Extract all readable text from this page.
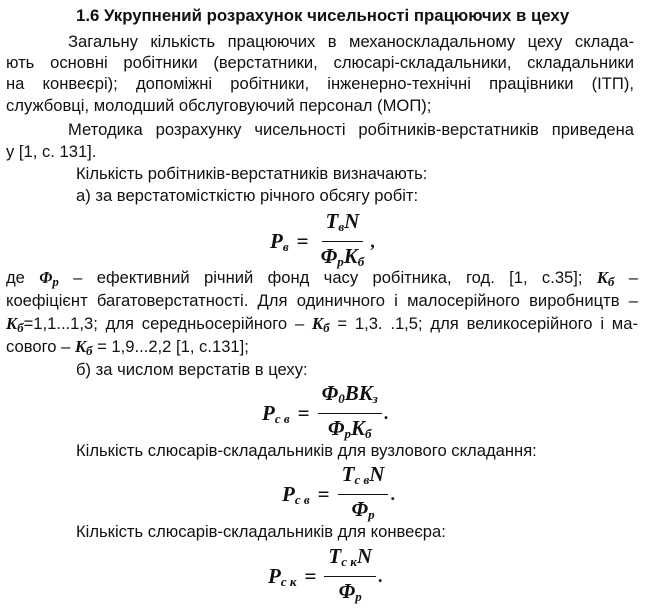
1.6 Укрупнений розрахунок чисельності працюючих в цеху
Загальну кількість працюючих в механоскладальному цеху склада-
ють основні робітники (верстатники, слюсарі-складальники, складальники
на конвеєрі); допоміжні робітники, інженерно-технічні працівники (ІТП),
службовці, молодший обслуговуючий персонал (МОП);
Методика розрахунку чисельності робітників-верстатників приведена
у [1, с. 131].
Кількість робітників-верстатників визначають:
а) за верстатомісткістю річного обсягу робіт:
$P_в = \frac{T_вN}{\Phi_pK_б}$ ,
де $\Phi_р$ – ефективний річний фонд часу робітника, год. [1, с.35]; $K_б$ –
коефіцієнт багатоверстатності. Для одиничного і малосерійного виробництв –
$K_б=1,1...1,3$; для середньосерійного – $K_б = 1,3$. .1,5; для великосерійного і ма-
сового – $K_б = 1,9...2,2$ [1, с.131];
б) за числом верстатів в цеху:
$P_{с в} = \frac{\Phi_0BK_з}{\Phi_pK_б}$ .
Кількість слюсарів-складальників для вузлового складання:
$P_{с в} = \frac{T_{с в}N}{\Phi_p}$ .
Кількість слюсарів-складальників для конвеєра:
$P_{с к} = \frac{T_{с к}N}{\Phi_p}$ .
